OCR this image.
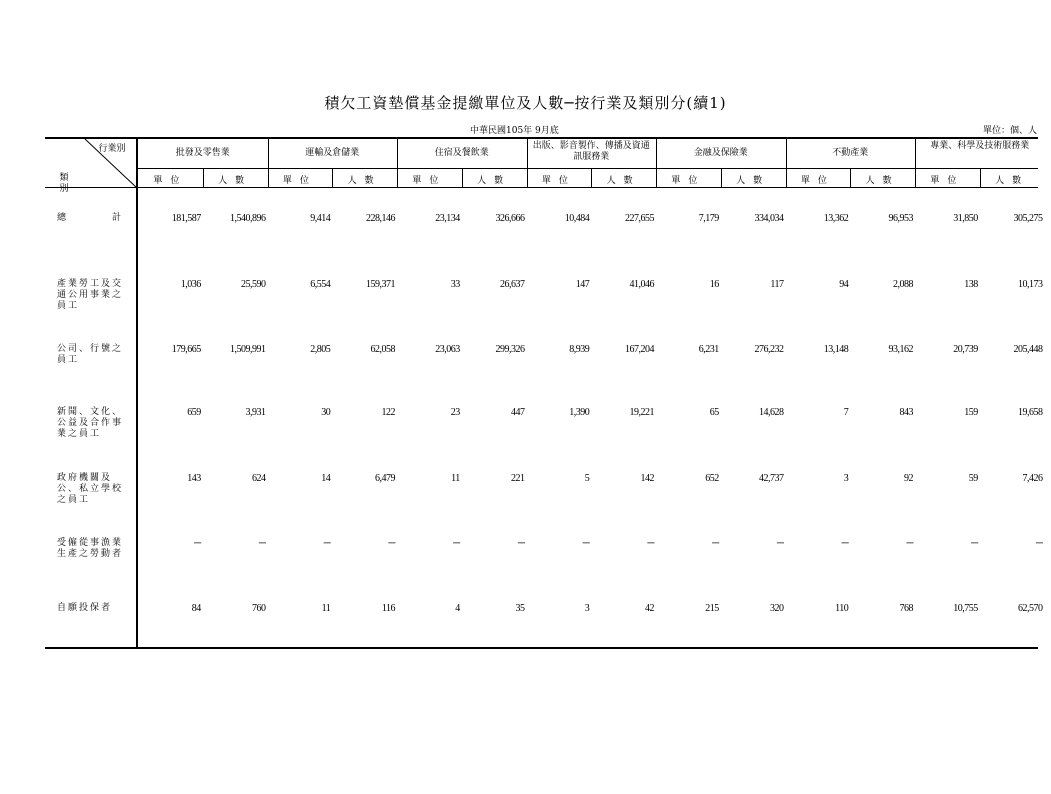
積欠工資墊償基金提繳單位及人數─按行業及類別分(續1)
中華民國105年 9月底	單位：個、人
行業別
類 別
批發及零售業
單位	人數
運輸及倉儲業
單位	人數
住宿及餐飲業
單位	人數
出版、影音製作、傳播及資通訊服務業
單位	人數
金融及保險業
單位	人數
不動產業
單位	人數
專業、科學及技術服務業
單位	人數
總　　　　計	181,587	1,540,896	9,414	228,146	23,134	326,666	10,484	227,655	7,179	334,034	13,362	96,953	31,850	305,275
產業勞工及交通公用事業之員工
1,036	25,590	6,554	159,371	33	26,637	147	41,046	16	117	94	2,088	138	10,173
公司、行號之員工
179,665	1,509,991	2,805	62,058	23,063	299,326	8,939	167,204	6,231	276,232	13,148	93,162	20,739	205,448
新聞、文化、公益及合作事業之員工
659	3,931	30	122	23	447	1,390	19,221	65	14,628	7	843	159	19,658
政府機關及公、私立學校之員工
143	624	14	6,479	11	221	5	142	652	42,737	3	92	59	7,426
受僱從事漁業生產之勞動者
─	─	─	─	─	─	─	─	─	─	─	─	─	─
自願投保者	84	760	11	116	4	35	3	42	215	320	110	768	10,755	62,570
